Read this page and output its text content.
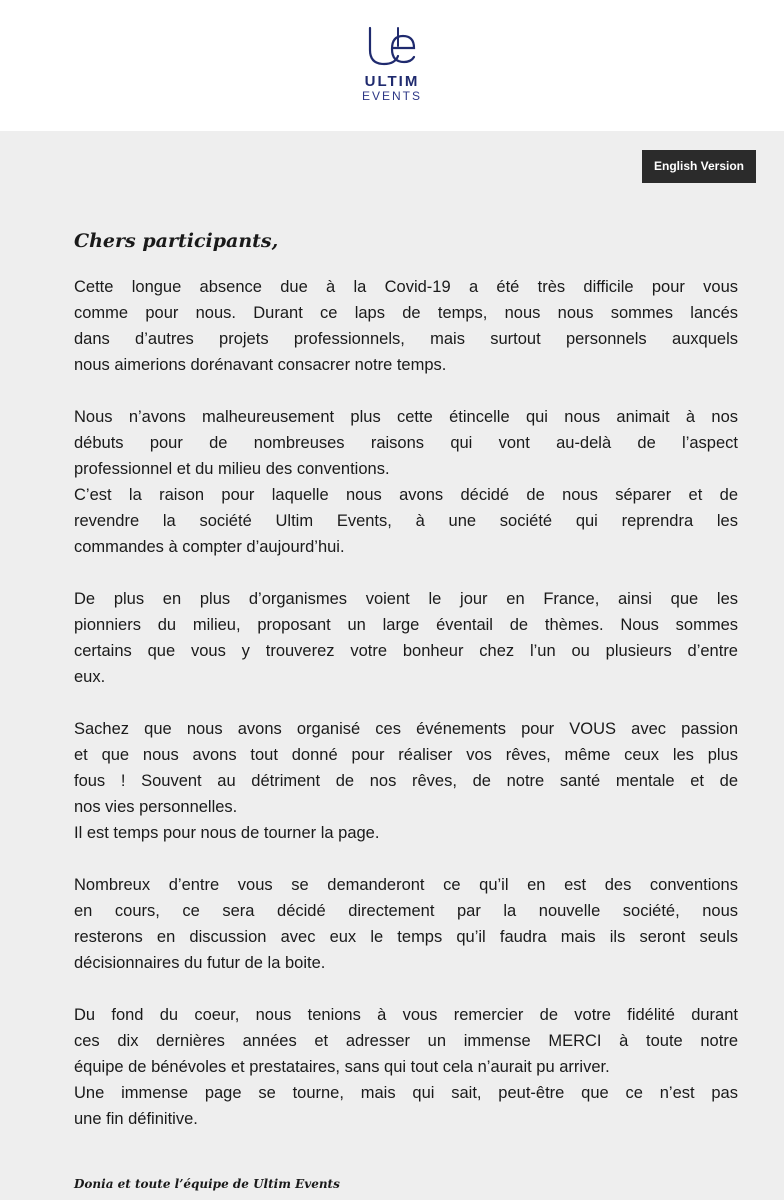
ULTIM
EVENTS
English Version
Chers participants,
Cette longue absence due à la Covid-19 a été très difficile pour vous
comme pour nous. Durant ce laps de temps, nous nous sommes lancés
dans d’autres projets professionnels, mais surtout personnels auxquels
nous aimerions dorénavant consacrer notre temps.
Nous n’avons malheureusement plus cette étincelle qui nous animait à nos
débuts pour de nombreuses raisons qui vont au-delà de l’aspect
professionnel et du milieu des conventions.
C’est la raison pour laquelle nous avons décidé de nous séparer et de
revendre la société Ultim Events, à une société qui reprendra les
commandes à compter d’aujourd’hui.
De plus en plus d’organismes voient le jour en France, ainsi que les
pionniers du milieu, proposant un large éventail de thèmes. Nous sommes
certains que vous y trouverez votre bonheur chez l’un ou plusieurs d’entre
eux.
Sachez que nous avons organisé ces événements pour VOUS avec passion
et que nous avons tout donné pour réaliser vos rêves, même ceux les plus
fous ! Souvent au détriment de nos rêves, de notre santé mentale et de
nos vies personnelles.
Il est temps pour nous de tourner la page.
Nombreux d’entre vous se demanderont ce qu’il en est des conventions
en cours, ce sera décidé directement par la nouvelle société, nous
resterons en discussion avec eux le temps qu’il faudra mais ils seront seuls
décisionnaires du futur de la boite.
Du fond du coeur, nous tenions à vous remercier de votre fidélité durant
ces dix dernières années et adresser un immense MERCI à toute notre
équipe de bénévoles et prestataires, sans qui tout cela n’aurait pu arriver.
Une immense page se tourne, mais qui sait, peut-être que ce n’est pas
une fin définitive.
Donia et toute l’équipe de Ultim Events
